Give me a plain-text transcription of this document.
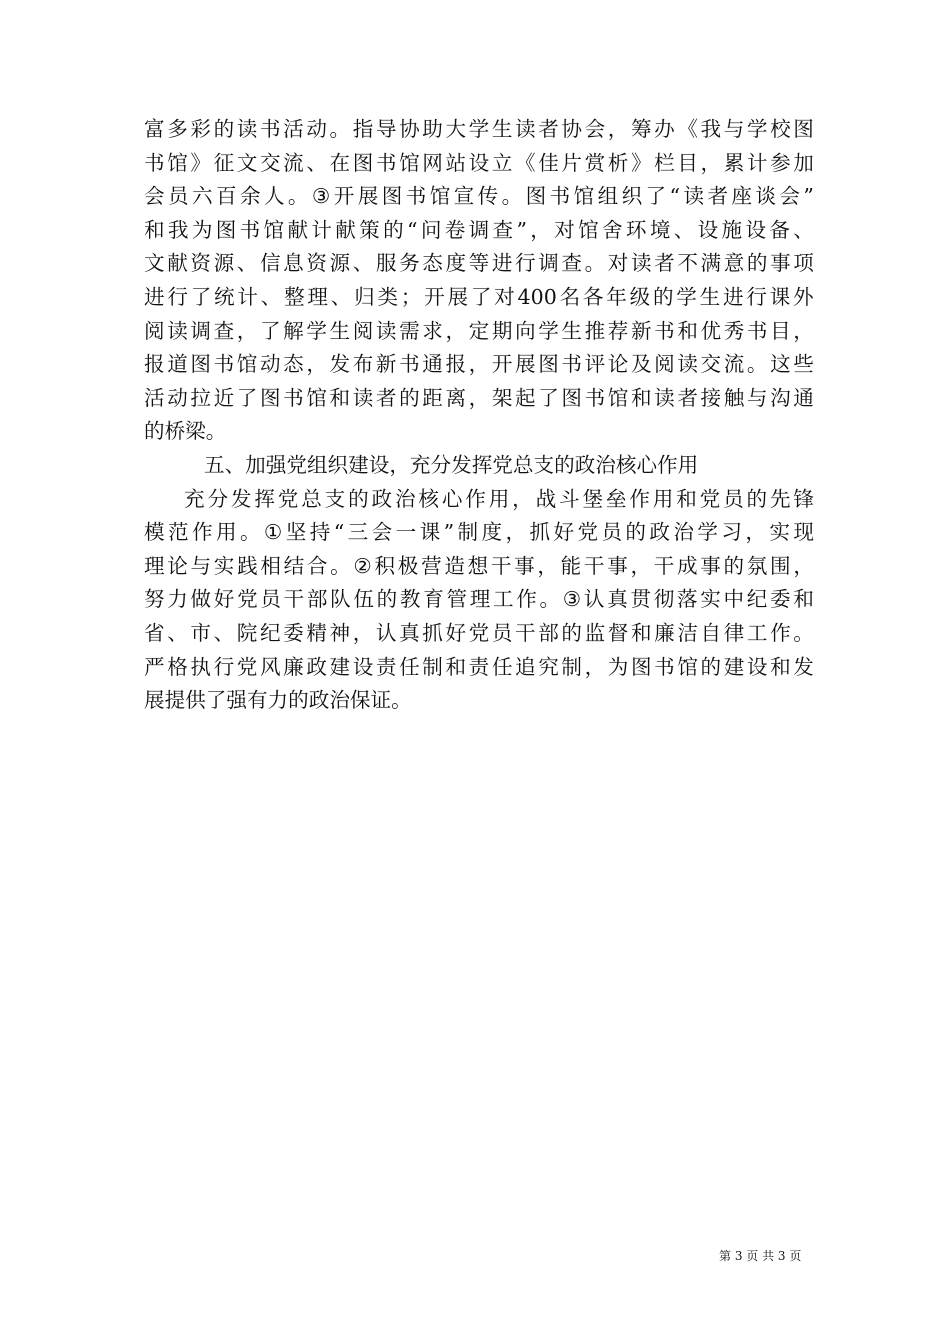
富 多 彩 的 读 书 活 动 。 指 导 协 助 大 学 生 读 者 协 会 ， 筹 办 《 我 与 学 校 图
书 馆 》 征 文 交 流 、 在 图 书 馆 网 站 设 立 《 佳 片 赏 析 》 栏 目 ， 累 计 参 加
会 员 六 百 余 人 。 ③ 开 展 图 书 馆 宣 传 。 图 书 馆 组 织 了 “ 读 者 座 谈 会 ”
和 我 为 图 书 馆 献 计 献 策 的 “ 问 卷 调 查 ” ， 对 馆 舍 环 境 、 设 施 设 备 、
文 献 资 源 、 信 息 资 源 、 服 务 态 度 等 进 行 调 查 。 对 读 者 不 满 意 的 事 项
进 行 了 统 计 、 整 理 、 归 类 ； 开 展 了 对 400 名 各 年 级 的 学 生 进 行 课 外
阅 读 调 查 ， 了 解 学 生 阅 读 需 求 ， 定 期 向 学 生 推 荐 新 书 和 优 秀 书 目 ，
报 道 图 书 馆 动 态 ， 发 布 新 书 通 报 ， 开 展 图 书 评 论 及 阅 读 交 流 。 这 些
活 动 拉 近 了 图 书 馆 和 读 者 的 距 离 ， 架 起 了 图 书 馆 和 读 者 接 触 与 沟 通
的桥梁。
五、加强党组织建设，充分发挥党总支的政治核心作用
充 分 发 挥 党 总 支 的 政 治 核 心 作 用 ， 战 斗 堡 垒 作 用 和 党 员 的 先 锋
模 范 作 用 。 ① 坚 持 “ 三 会 一 课 ” 制 度 ， 抓 好 党 员 的 政 治 学 习 ， 实 现
理 论 与 实 践 相 结 合 。 ② 积 极 营 造 想 干 事 ， 能 干 事 ， 干 成 事 的 氛 围 ，
努 力 做 好 党 员 干 部 队 伍 的 教 育 管 理 工 作 。 ③ 认 真 贯 彻 落 实 中 纪 委 和
省 、 市 、 院 纪 委 精 神 ， 认 真 抓 好 党 员 干 部 的 监 督 和 廉 洁 自 律 工 作 。
严 格 执 行 党 风 廉 政 建 设 责 任 制 和 责 任 追 究 制 ， 为 图 书 馆 的 建 设 和 发
展提供了强有力的政治保证。
第 3 页 共 3 页
